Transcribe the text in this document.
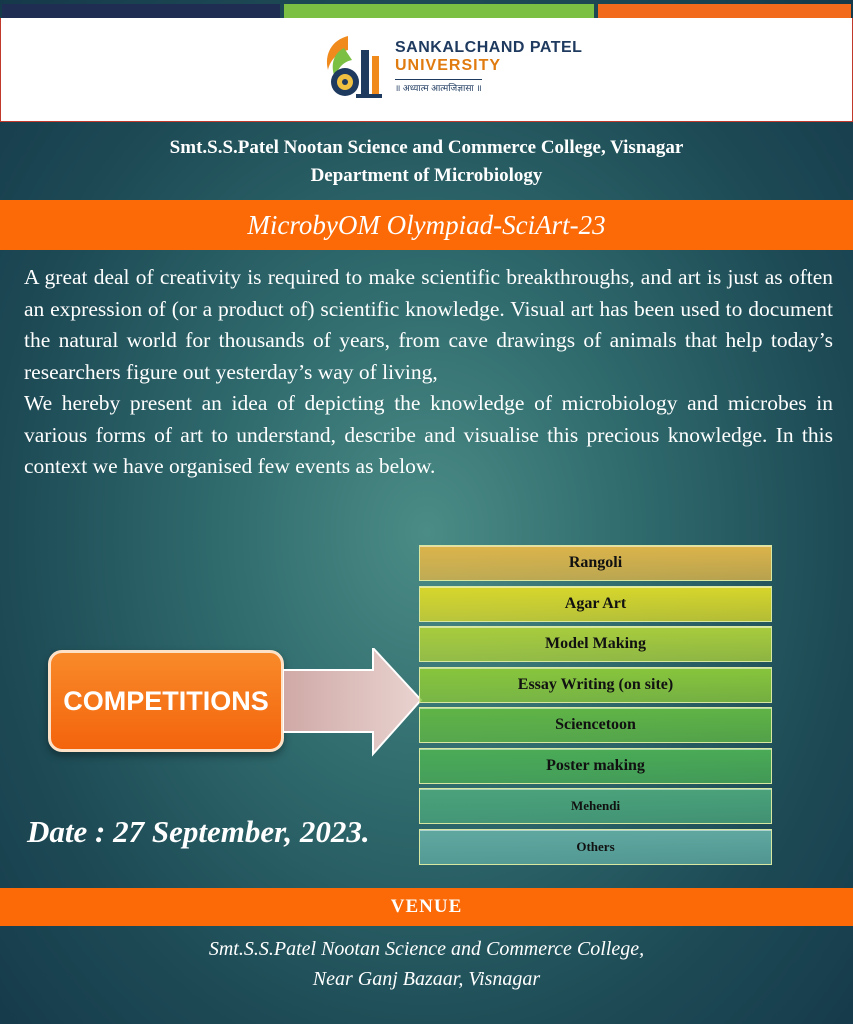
SANKALCHAND PATEL
UNIVERSITY
॥ अध्यात्म आत्मजिज्ञासा ॥
Smt.S.S.Patel Nootan Science and Commerce College, Visnagar
Department of Microbiology
MicrobyOM Olympiad-SciArt-23

A great deal of creativity is required to make scientific breakthroughs, and art is just as often an expression of (or a product of) scientific knowledge. Visual art has been used to document the natural world for thousands of years, from cave drawings of animals that help today’s researchers figure out yesterday’s way of living,

We hereby present an idea of depicting the knowledge of microbiology and microbes in various forms of art to understand, describe and visualise this precious knowledge. In this context we have organised few events as below.

COMPETITIONS
Rangoli
Agar Art
Model Making
Essay Writing (on site)
Sciencetoon
Poster making
Mehendi
Others
Date : 27 September, 2023.
VENUE
Smt.S.S.Patel Nootan Science and Commerce College,
Near Ganj Bazaar, Visnagar
